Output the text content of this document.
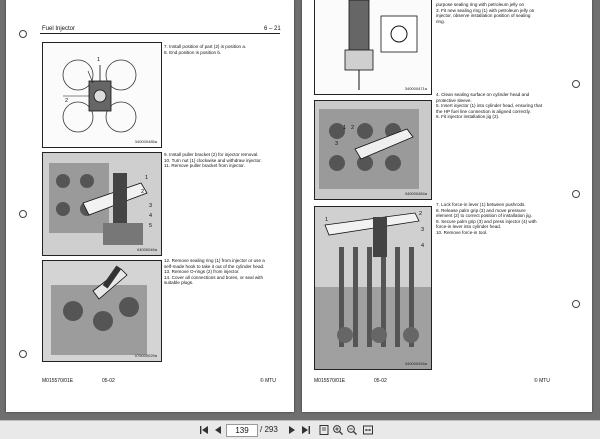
Fuel Injector	6 – 21
1
2
340000485a
7. Install position of part (2) is position a.
8. End position is position b.
1
2
3
4
5
04000049a
9. Install puller bracket (2) for injector removal.
10. Turn nut (1) clockwise and withdraw injector.
11. Remove puller bracket from injector.
075000029a
12. Remove sealing ring (1) from injector or use a
self-made hook to take it out of the cylinder head.
13. Remove O-rings (2) from injector.
14. Cover all connections and bores, or seal with
suitable plugs.
M015570/01E	05-02	© MTU
340000471a
purpose sealing ring with petroleum jelly on
3. Fit new sealing ring (1) with petroleum jelly on
injector, observe installation position of sealing
ring.
1 2
3
340000484a
4. Clean sealing surface on cylinder head and
protective sleeve.
5. Insert injector (1) into cylinder head, ensuring that
the HP fuel line connection is aligned correctly.
6. Fit injector installation jig (2).
1
2
3
4
340000494a
7. Lock force-in lever (1) between pushrods.
8. Release palm grip (3) and move pressure
element (2) to correct position of installation jig.
9. Secure palm grip (3) and press injector (4) with
force-in lever into cylinder head.
10. Remove force-in tool.
M015570/01E	05-02	© MTU
139
/ 293
